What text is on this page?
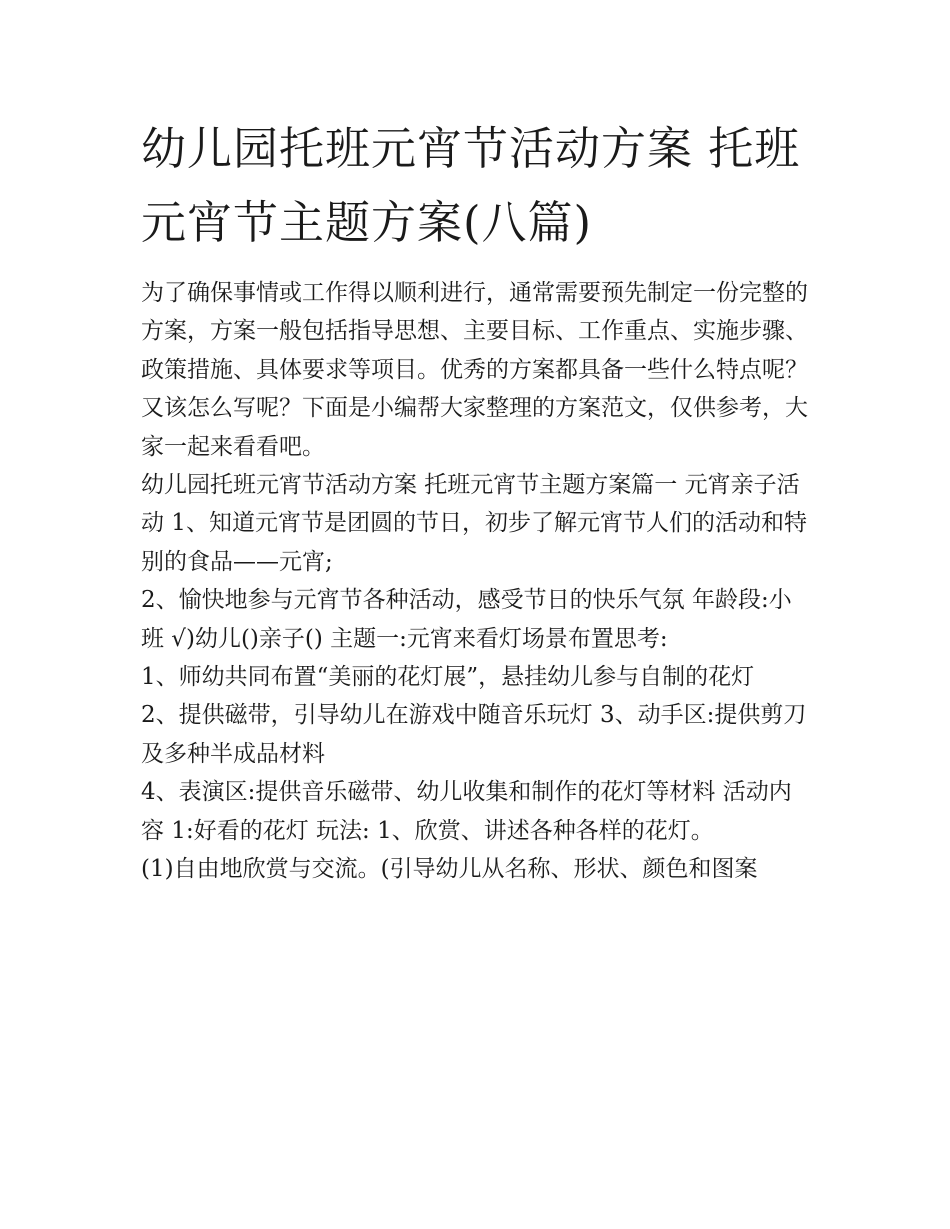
幼儿园托班元宵节活动方案 托班元宵节主题方案(八篇)

为了确保事情或工作得以顺利进行，通常需要预先制定一份完整的方案，方案一般包括指导思想、主要目标、工作重点、实施步骤、政策措施、具体要求等项目。优秀的方案都具备一些什么特点呢？又该怎么写呢？下面是小编帮大家整理的方案范文，仅供参考，大家一起来看看吧。

幼儿园托班元宵节活动方案 托班元宵节主题方案篇一 元宵亲子活动 1、知道元宵节是团圆的节日，初步了解元宵节人们的活动和特别的食品——元宵;

2、愉快地参与元宵节各种活动，感受节日的快乐气氛 年龄段:小班 √)幼儿()亲子() 主题一:元宵来看灯场景布置思考:

1、师幼共同布置“美丽的花灯展”，悬挂幼儿参与自制的花灯

2、提供磁带，引导幼儿在游戏中随音乐玩灯 3、动手区:提供剪刀及多种半成品材料

4、表演区:提供音乐磁带、幼儿收集和制作的花灯等材料 活动内容 1:好看的花灯 玩法: 1、欣赏、讲述各种各样的花灯。

(1)自由地欣赏与交流。(引导幼儿从名称、形状、颜色和图案
